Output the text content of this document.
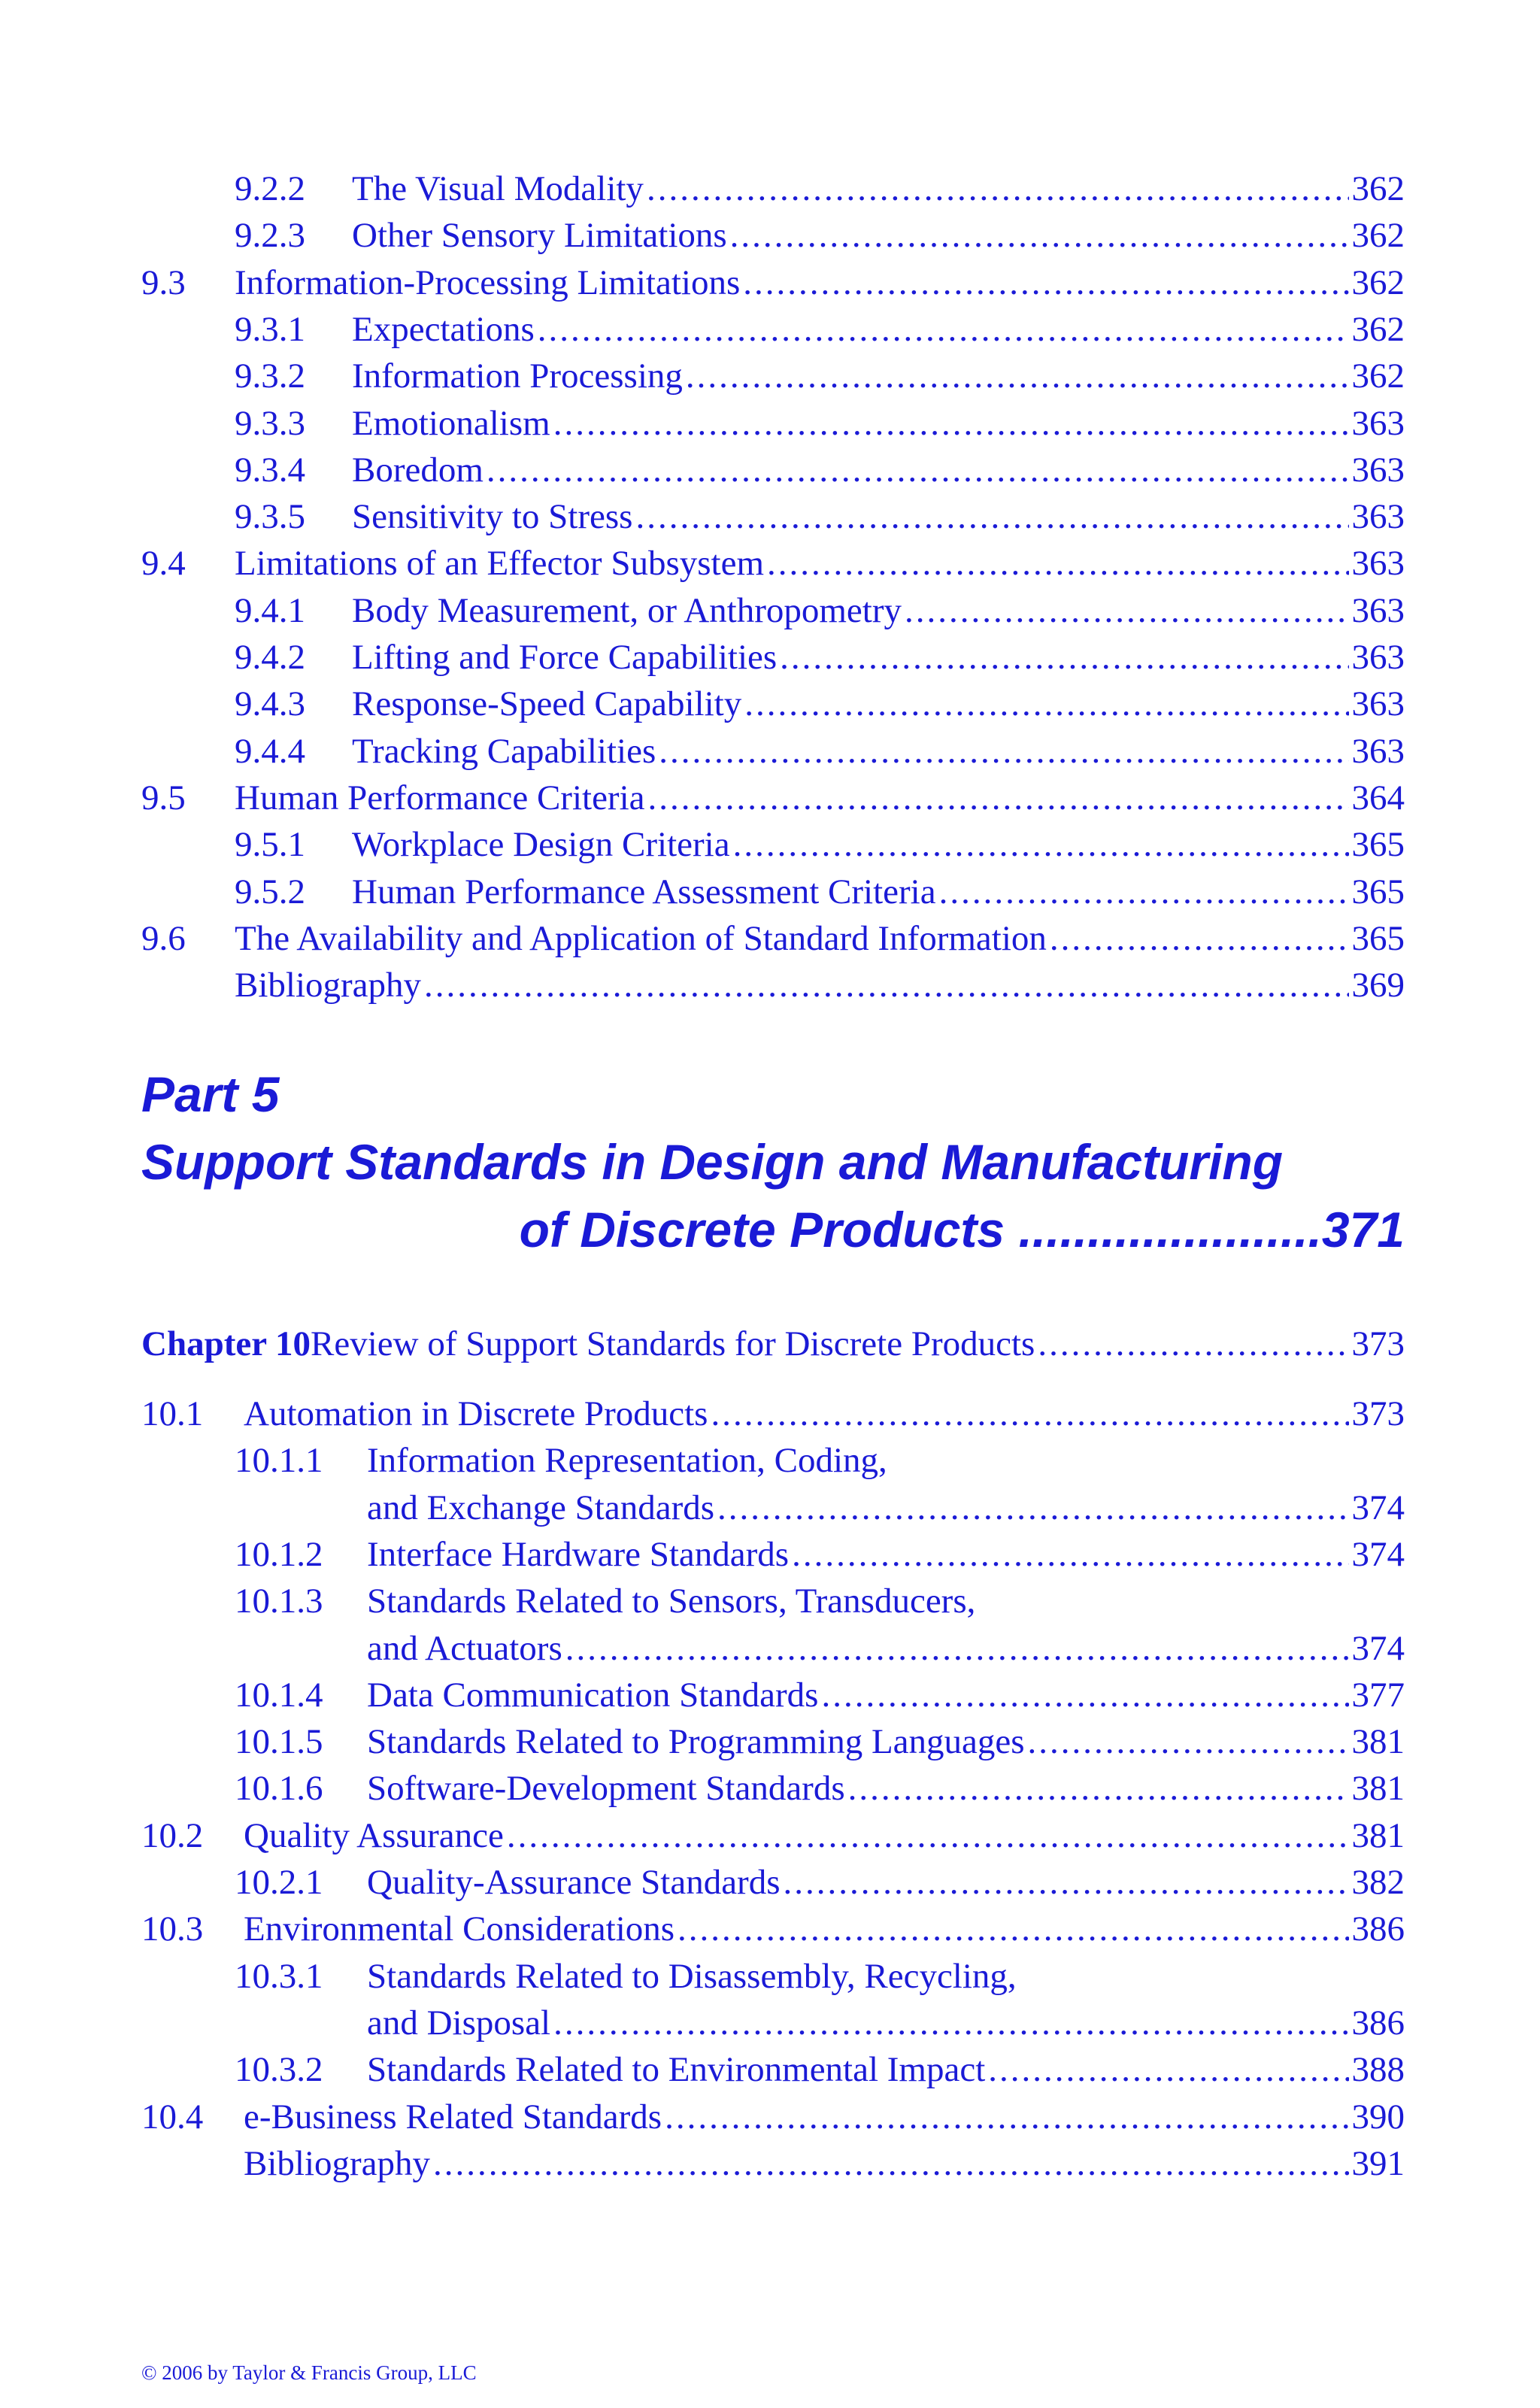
9.2.2	The Visual Modality .....	362
9.2.3	Other Sensory Limitations .....	362
9.3	Information-Processing Limitations .....	362
9.3.1	Expectations .....	362
9.3.2	Information Processing .....	362
9.3.3	Emotionalism .....	363
9.3.4	Boredom .....	363
9.3.5	Sensitivity to Stress .....	363
9.4	Limitations of an Effector Subsystem .....	363
9.4.1	Body Measurement, or Anthropometry .....	363
9.4.2	Lifting and Force Capabilities .....	363
9.4.3	Response-Speed Capability .....	363
9.4.4	Tracking Capabilities .....	363
9.5	Human Performance Criteria .....	364
9.5.1	Workplace Design Criteria .....	365
9.5.2	Human Performance Assessment Criteria .....	365
9.6	The Availability and Application of Standard Information .....	365
Bibliography .....	369
Part 5
Support Standards in Design and Manufacturing
of Discrete Products ......................371
Chapter 10 Review of Support Standards for Discrete Products .....	373
10.1	Automation in Discrete Products .....	373
10.1.1	Information Representation, Coding,
and Exchange Standards .....	374
10.1.2	Interface Hardware Standards .....	374
10.1.3	Standards Related to Sensors, Transducers,
and Actuators .....	374
10.1.4	Data Communication Standards .....	377
10.1.5	Standards Related to Programming Languages .....	381
10.1.6	Software-Development Standards .....	381
10.2	Quality Assurance .....	381
10.2.1	Quality-Assurance Standards .....	382
10.3	Environmental Considerations .....	386
10.3.1	Standards Related to Disassembly, Recycling,
and Disposal .....	386
10.3.2	Standards Related to Environmental Impact .....	388
10.4	e-Business Related Standards .....	390
Bibliography .....	391
© 2006 by Taylor & Francis Group, LLC
